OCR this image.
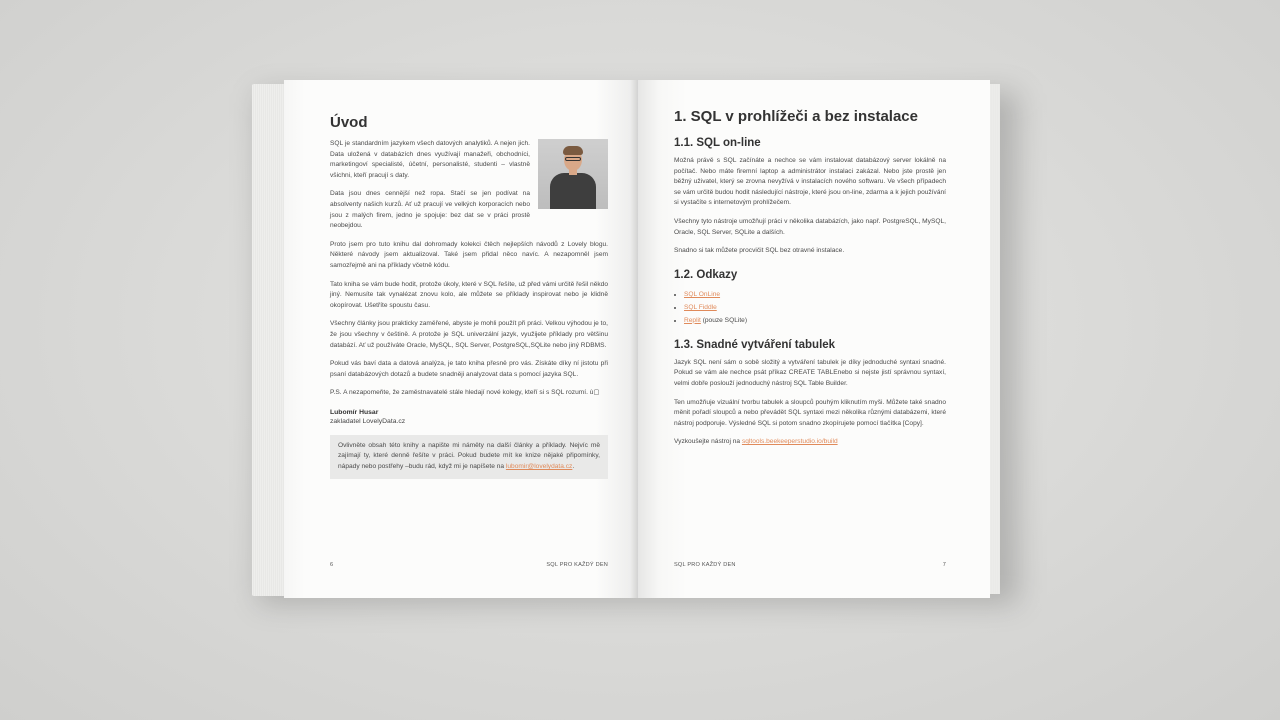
Úvod

SQL je standardním jazykem všech datových analytiků. A nejen jich. Data uložená v databázích dnes využívají manažeři, obchodníci, marketingoví specialisté, účetní, personalisté, studenti – vlastně všichni, kteří pracují s daty.

Data jsou dnes cennější než ropa. Stačí se jen podívat na absolventy našich kurzů. Ať už pracují ve velkých korporacích nebo jsou z malých firem, jedno je spojuje: bez dat se v práci prostě neobejdou.

Proto jsem pro tuto knihu dal dohromady kolekci čtěch nejlepších návodů z Lovely blogu. Některé návody jsem aktualizoval. Také jsem přidal něco navíc. A nezapomněl jsem samozřejmě ani na příklady včetně kódu.

Tato kniha se vám bude hodit, protože úkoly, které v SQL řešíte, už před vámi určitě řešil někdo jiný. Nemusíte tak vynalézat znovu kolo, ale můžete se příklady inspirovat nebo je klidně okopírovat. Ušetříte spoustu času.

Všechny články jsou prakticky zaměřené, abyste je mohli použít při práci. Velkou výhodou je to, že jsou všechny v češtině. A protože je SQL univerzální jazyk, využijete příklady pro většinu databází. Ať už používáte Oracle, MySQL, SQL Server, PostgreSQL,SQLite nebo jiný RDBMS.

Pokud vás baví data a datová analýza, je tato kniha přesně pro vás. Získáte díky ní jistotu při psaní databázových dotazů a budete snadněji analyzovat data s pomocí jazyka SQL.

P.S. A nezapomeňte, že zaměstnavatelé stále hledají nové kolegy, kteří si s SQL rozumí. ù▢

Lubomír Husar
zakladatel LovelyData.cz

Ovlivněte obsah této knihy a napište mi náměty na další články a příklady. Nejvíc mě zajímají ty, které denně řešíte v práci. Pokud budete mít ke knize nějaké připomínky, nápady nebo postřehy –budu rád, když mi je napíšete na lubomir@lovelydata.cz.

6	SQL PRO KAŽDÝ DEN
1. SQL v prohlížeči a bez instalace
1.1. SQL on-line

Možná právě s SQL začínáte a nechce se vám instalovat databázový server lokálně na počítač. Nebo máte firemní laptop a administrátor instalaci zakázal. Nebo jste prostě jen běžný uživatel, který se zrovna nevyžívá v instalacích nového softwaru. Ve všech případech se vám určitě budou hodit následující nástroje, které jsou on-line, zdarma a k jejich používání si vystačíte s internetovým prohlížečem.

Všechny tyto nástroje umožňují práci v několika databázích, jako např. PostgreSQL, MySQL, Oracle, SQL Server, SQLite a dalších.

Snadno si tak můžete procvičit SQL bez otravné instalace.

1.2. Odkazy
• SQL OnLine
• SQL Fiddle
• Replit (pouze SQLite)
1.3. Snadné vytváření tabulek

Jazyk SQL není sám o sobě složitý a vytváření tabulek je díky jednoduché syntaxi snadné. Pokud se vám ale nechce psát příkaz CREATE TABLEnebo si nejste jistí správnou syntaxí, velmi dobře poslouží jednoduchý nástroj SQL Table Builder.

Ten umožňuje vizuální tvorbu tabulek a sloupců pouhým kliknutím myši. Můžete také snadno měnit pořadí sloupců a nebo převádět SQL syntaxi mezi několika různými databázemi, které nástroj podporuje. Výsledné SQL si potom snadno zkopírujete pomocí tlačítka [Copy].

Vyzkoušejte nástroj na sqltools.beekeeperstudio.io/build

SQL PRO KAŽDÝ DEN	7
